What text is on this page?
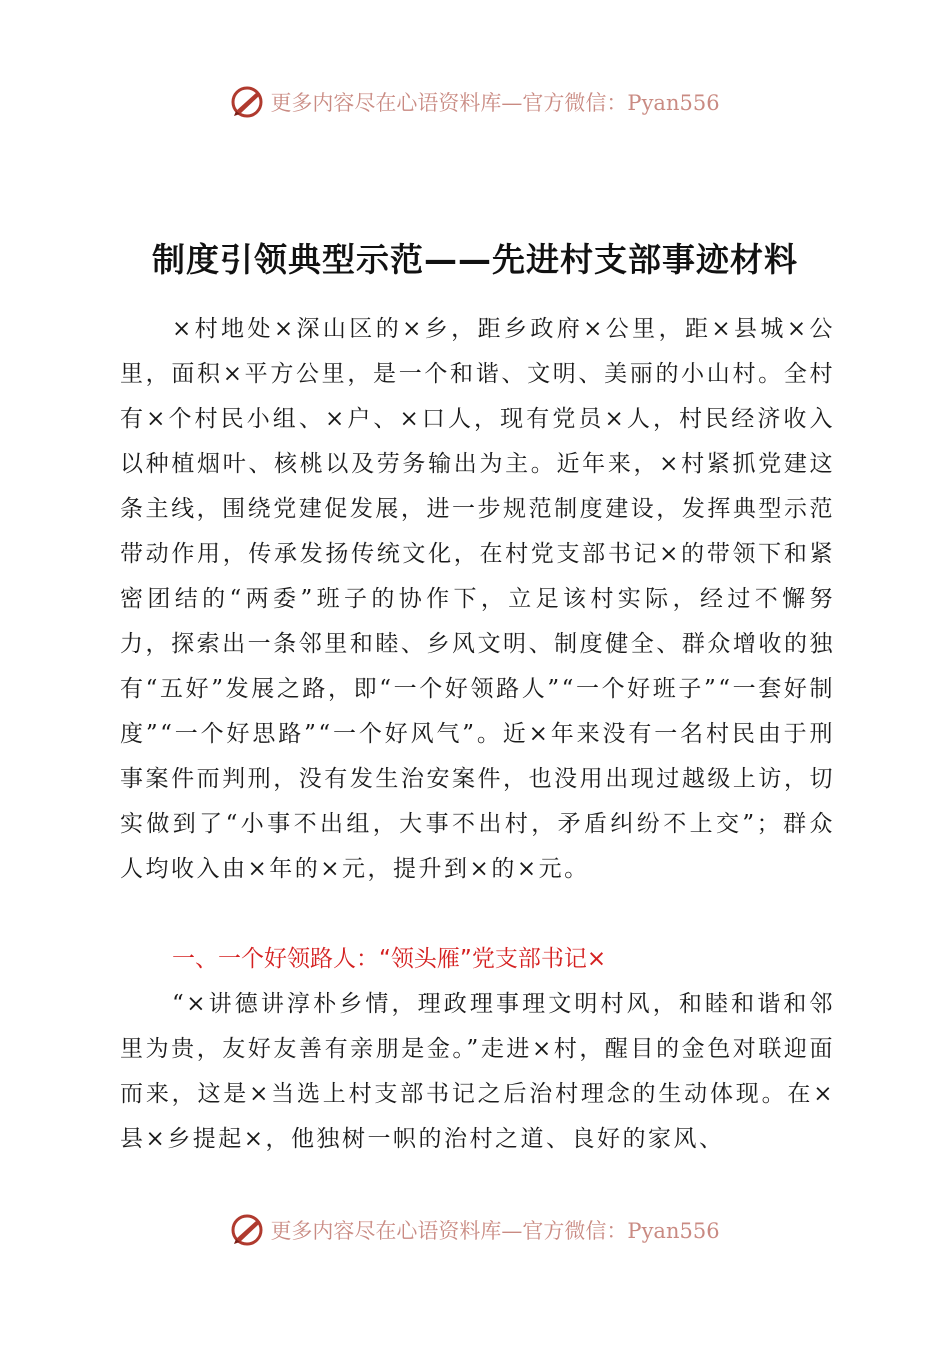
更多内容尽在心语资料库—官方微信：Pyan556
制度引领典型示范——先进村支部事迹材料

×村地处×深山区的×乡，距乡政府×公里，距×县城×公里，面积×平方公里，是一个和谐、文明、美丽的小山村。全村有×个村民小组、×户、×口人，现有党员×人，村民经济收入以种植烟叶、核桃以及劳务输出为主。近年来，×村紧抓党建这条主线，围绕党建促发展，进一步规范制度建设，发挥典型示范带动作用，传承发扬传统文化，在村党支部书记×的带领下和紧密团结的“两委”班子的协作下，立足该村实际，经过不懈努力，探索出一条邻里和睦、乡风文明、制度健全、群众增收的独有“五好”发展之路，即“一个好领路人”“一个好班子”“一套好制度”“一个好思路”“一个好风气”。近×年来没有一名村民由于刑事案件而判刑，没有发生治安案件，也没用出现过越级上访，切实做到了“小事不出组，大事不出村，矛盾纠纷不上交”；群众人均收入由×年的×元，提升到×的×元。

一、一个好领路人：“领头雁”党支部书记×

“×讲德讲淳朴乡情，理政理事理文明村风，和睦和谐和邻里为贵，友好友善有亲朋是金。”走进×村，醒目的金色对联迎面而来，这是×当选上村支部书记之后治村理念的生动体现。在×县×乡提起×，他独树一帜的治村之道、良好的家风、

更多内容尽在心语资料库—官方微信：Pyan556
